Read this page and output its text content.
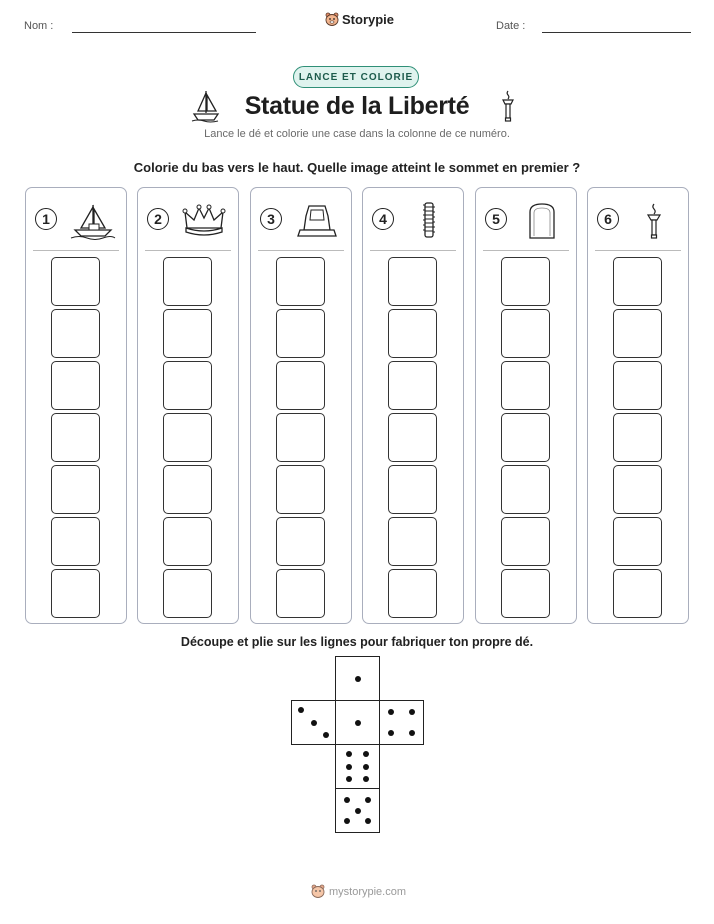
Nom :	Storypie	Date :
LANCE ET COLORIE
Statue de la Liberté
Lance le dé et colorie une case dans la colonne de ce numéro.
Colorie du bas vers le haut. Quelle image atteint le sommet en premier ?
1	2	3	4	5	6
Découpe et plie sur les lignes pour fabriquer ton propre dé.
mystorypie.com
